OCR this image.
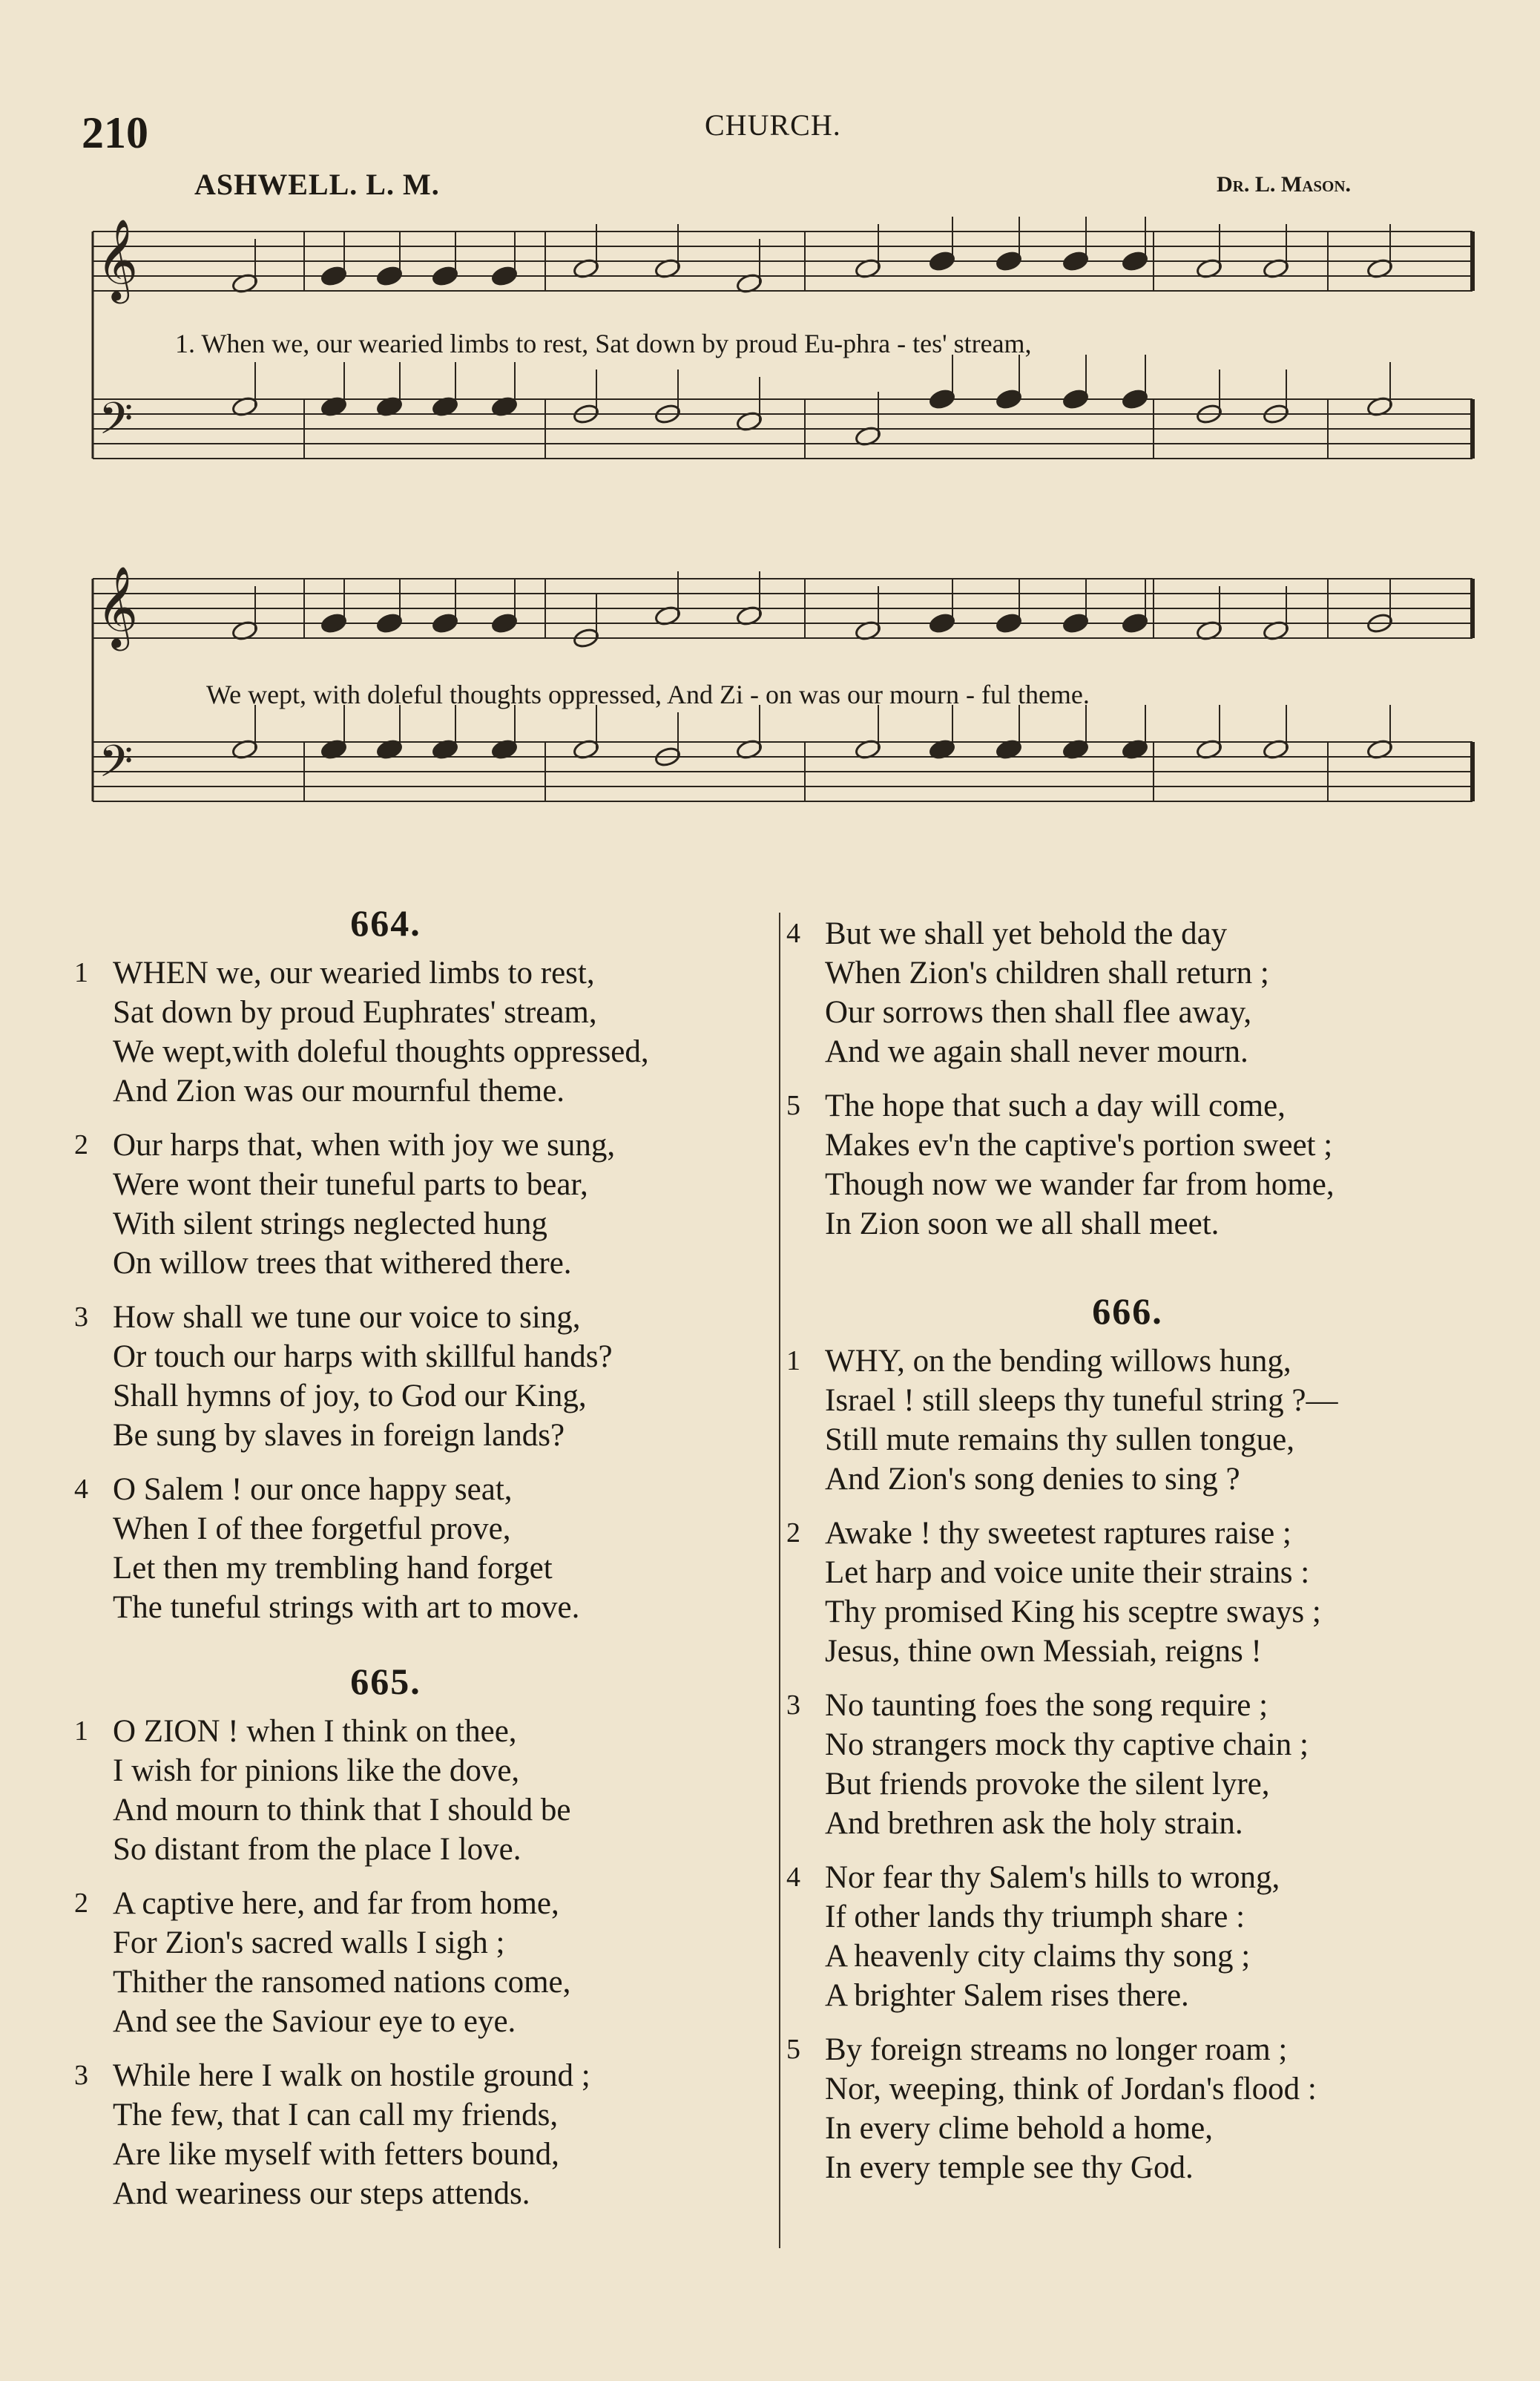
210	CHURCH.
ASHWELL. L. M.	Dr. L. Mason.
𝄞
𝄢
𝄞
𝄢
1. When we, our wearied limbs to rest, Sat down by proud Eu-phra - tes' stream,
We wept, with doleful thoughts oppressed, And Zi - on was our mourn - ful theme.
664.
1 WHEN we, our wearied limbs to rest,
Sat down by proud Euphrates' stream,
We wept,with doleful thoughts oppressed,
And Zion was our mournful theme.
2 Our harps that, when with joy we sung,
Were wont their tuneful parts to bear,
With silent strings neglected hung
On willow trees that withered there.
3 How shall we tune our voice to sing,
Or touch our harps with skillful hands?
Shall hymns of joy, to God our King,
Be sung by slaves in foreign lands?
4 O Salem ! our once happy seat,
When I of thee forgetful prove,
Let then my trembling hand forget
The tuneful strings with art to move.
665.
1 O ZION ! when I think on thee,
I wish for pinions like the dove,
And mourn to think that I should be
So distant from the place I love.
2 A captive here, and far from home,
For Zion's sacred walls I sigh ;
Thither the ransomed nations come,
And see the Saviour eye to eye.
3 While here I walk on hostile ground ;
The few, that I can call my friends,
Are like myself with fetters bound,
And weariness our steps attends.
4 But we shall yet behold the day
When Zion's children shall return ;
Our sorrows then shall flee away,
And we again shall never mourn.
5 The hope that such a day will come,
Makes ev'n the captive's portion sweet ;
Though now we wander far from home,
In Zion soon we all shall meet.
666.
1 WHY, on the bending willows hung,
Israel ! still sleeps thy tuneful string ?—
Still mute remains thy sullen tongue,
And Zion's song denies to sing ?
2 Awake ! thy sweetest raptures raise ;
Let harp and voice unite their strains :
Thy promised King his sceptre sways ;
Jesus, thine own Messiah, reigns !
3 No taunting foes the song require ;
No strangers mock thy captive chain ;
But friends provoke the silent lyre,
And brethren ask the holy strain.
4 Nor fear thy Salem's hills to wrong,
If other lands thy triumph share :
A heavenly city claims thy song ;
A brighter Salem rises there.
5 By foreign streams no longer roam ;
Nor, weeping, think of Jordan's flood :
In every clime behold a home,
In every temple see thy God.
